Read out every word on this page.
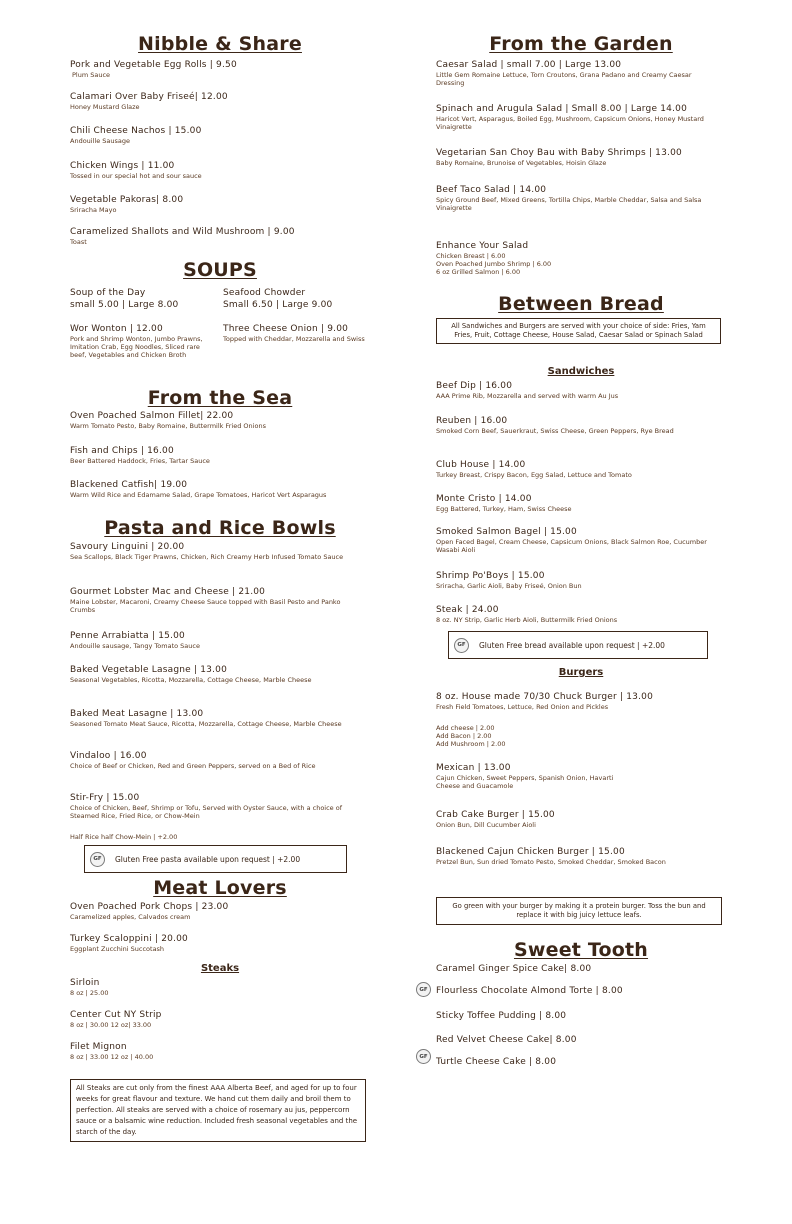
Nibble & Share
Pork and Vegetable Egg Rolls | 9.50
Plum Sauce
Calamari Over Baby Friseé| 12.00
Honey Mustard Glaze
Chili Cheese Nachos | 15.00
Andouille Sausage
Chicken Wings | 11.00
Tossed in our special hot and sour sauce
Vegetable Pakoras| 8.00
Sriracha Mayo
Caramelized Shallots and Wild Mushroom | 9.00
Toast
SOUPS
Soup of the Day
small 5.00 | Large 8.00
Seafood Chowder
Small 6.50 | Large 9.00
Wor Wonton | 12.00
Pork and Shrimp Wonton, Jumbo Prawns, Imitation Crab, Egg Noodles, Sliced rare beef, Vegetables and Chicken Broth
Three Cheese Onion | 9.00
Topped with Cheddar, Mozzarella and Swiss
From the Sea
Oven Poached Salmon Fillet| 22.00
Warm Tomato Pesto, Baby Romaine, Buttermilk Fried Onions
Fish and Chips | 16.00
Beer Battered Haddock, Fries, Tartar Sauce
Blackened Catfish| 19.00
Warm Wild Rice and Edamame Salad, Grape Tomatoes, Haricot Vert Asparagus
Pasta and Rice Bowls
Savoury Linguini | 20.00
Sea Scallops, Black Tiger Prawns, Chicken, Rich Creamy Herb Infused Tomato Sauce
Gourmet Lobster Mac and Cheese | 21.00
Maine Lobster, Macaroni, Creamy Cheese Sauce topped with Basil Pesto and Panko Crumbs
Penne Arrabiatta | 15.00
Andouille sausage, Tangy Tomato Sauce
Baked Vegetable Lasagne | 13.00
Seasonal Vegetables, Ricotta, Mozzarella, Cottage Cheese, Marble Cheese
Baked Meat Lasagne | 13.00
Seasoned Tomato Meat Sauce, Ricotta, Mozzarella, Cottage Cheese, Marble Cheese
Vindaloo | 16.00
Choice of Beef or Chicken, Red and Green Peppers, served on a Bed of Rice
Stir-Fry | 15.00
Choice of Chicken, Beef, Shrimp or Tofu, Served with Oyster Sauce, with a choice of Steamed Rice, Fried Rice, or Chow-Mein
Half Rice half Chow-Mein | +2.00
GF	Gluten Free pasta available upon request | +2.00
Meat Lovers
Oven Poached Pork Chops | 23.00
Caramelized apples, Calvados cream
Turkey Scaloppini | 20.00
Eggplant Zucchini Succotash
Steaks
Sirloin
8 oz | 25.00
Center Cut NY Strip
8 oz | 30.00 12 oz| 33.00
Filet Mignon
8 oz | 33.00 12 oz | 40.00
All Steaks are cut only from the finest AAA Alberta Beef, and aged for up to four weeks for great flavour and texture. We hand cut them daily and broil them to perfection. All steaks are served with a choice of rosemary au jus, peppercorn sauce or a balsamic wine reduction. Included fresh seasonal vegetables and the starch of the day.
From the Garden
Caesar Salad | small 7.00 | Large 13.00
Little Gem Romaine Lettuce, Torn Croutons, Grana Padano and Creamy Caesar Dressing
Spinach and Arugula Salad | Small 8.00 | Large 14.00
Haricot Vert, Asparagus, Boiled Egg, Mushroom, Capsicum Onions, Honey Mustard Vinaigrette
Vegetarian San Choy Bau with Baby Shrimps | 13.00
Baby Romaine, Brunoise of Vegetables, Hoisin Glaze
Beef Taco Salad | 14.00
Spicy Ground Beef, Mixed Greens, Tortilla Chips, Marble Cheddar, Salsa and Salsa Vinaigrette
Enhance Your Salad
Chicken Breast | 6.00
Oven Poached Jumbo Shrimp | 6.00
6 oz Grilled Salmon | 6.00
Between Bread
All Sandwiches and Burgers are served with your choice of side: Fries, Yam Fries, Fruit, Cottage Cheese, House Salad, Caesar Salad or Spinach Salad
Sandwiches
Beef Dip | 16.00
AAA Prime Rib, Mozzarella and served with warm Au Jus
Reuben | 16.00
Smoked Corn Beef, Sauerkraut, Swiss Cheese, Green Peppers, Rye Bread
Club House | 14.00
Turkey Breast, Crispy Bacon, Egg Salad, Lettuce and Tomato
Monte Cristo | 14.00
Egg Battered, Turkey, Ham, Swiss Cheese
Smoked Salmon Bagel | 15.00
Open Faced Bagel, Cream Cheese, Capsicum Onions, Black Salmon Roe, Cucumber Wasabi Aioli
Shrimp Po'Boys | 15.00
Sriracha, Garlic Aioli, Baby Friseé, Onion Bun
Steak | 24.00
8 oz. NY Strip, Garlic Herb Aioli, Buttermilk Fried Onions
GF	Gluten Free bread available upon request | +2.00
Burgers
8 oz. House made 70/30 Chuck Burger | 13.00
Fresh Field Tomatoes, Lettuce, Red Onion and Pickles
Add cheese | 2.00
Add Bacon | 2.00
Add Mushroom | 2.00
Mexican | 13.00
Cajun Chicken, Sweet Peppers, Spanish Onion, Havarti Cheese and Guacamole
Crab Cake Burger | 15.00
Onion Bun, Dill Cucumber Aioli
Blackened Cajun Chicken Burger | 15.00
Pretzel Bun, Sun dried Tomato Pesto, Smoked Cheddar, Smoked Bacon
Go green with your burger by making it a protein burger. Toss the bun and replace it with big juicy lettuce leafs.
Sweet Tooth
Caramel Ginger Spice Cake| 8.00
GF Flourless Chocolate Almond Torte | 8.00
Sticky Toffee Pudding | 8.00
Red Velvet Cheese Cake| 8.00
GF
Turtle Cheese Cake | 8.00
